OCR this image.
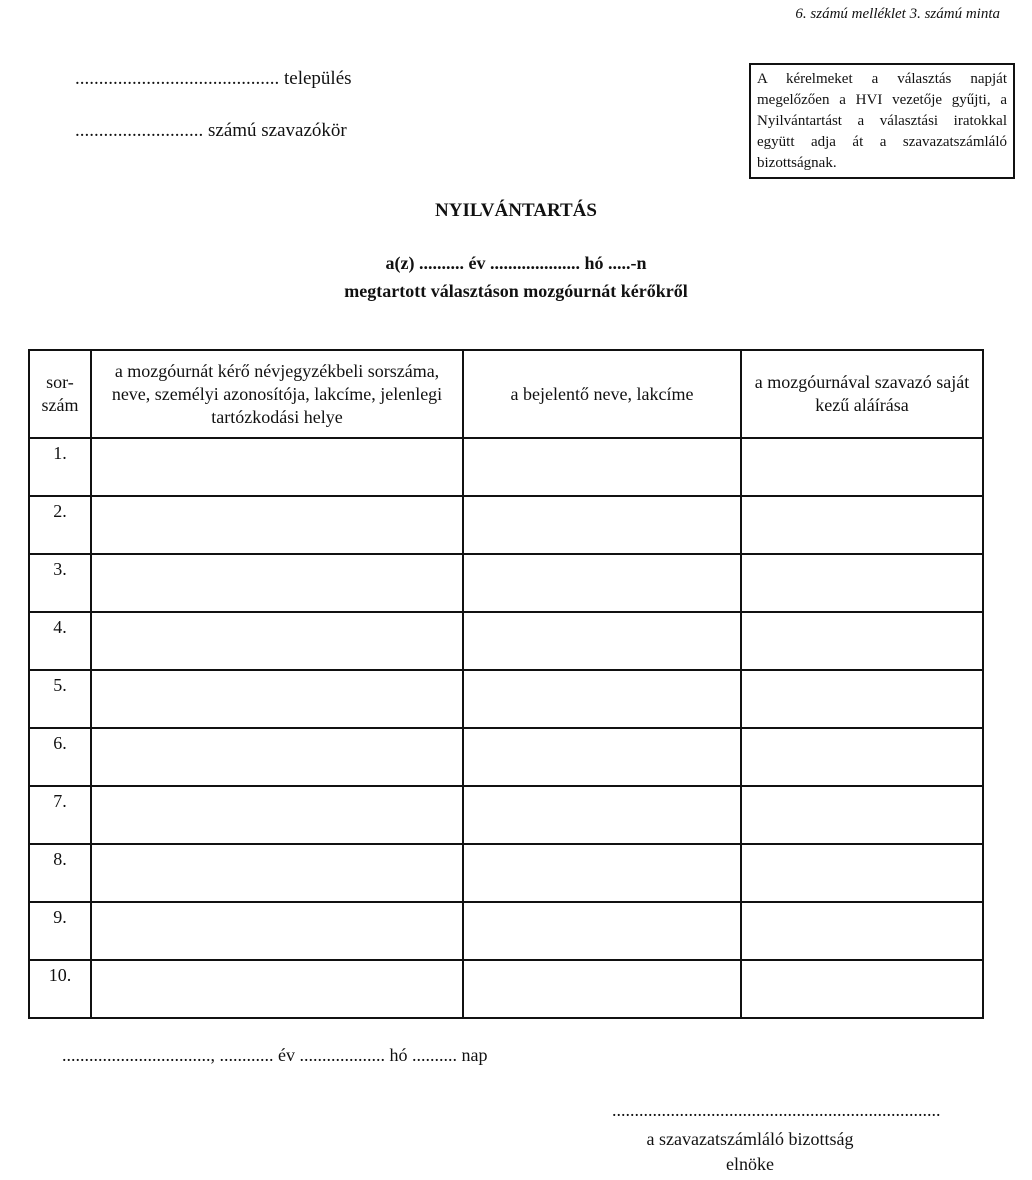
6. számú melléklet 3. számú minta
........................................... település
........................... számú szavazókör
A kérelmeket a választás napját megelőzően a HVI vezetője gyűjti, a Nyilvántartást a választási iratokkal együtt adja át a szavazatszámláló bizottságnak.
NYILVÁNTARTÁS
a(z) .......... év .................... hó .....-n
megtartott választáson mozgóurnát kérőkről
sor-szám	a mozgóurnát kérő névjegyzékbeli sorszáma, neve, személyi azonosítója, lakcíme, jelenlegi tartózkodási helye	a bejelentő neve, lakcíme	a mozgóurnával szavazó saját kezű aláírása
1.			
2.			
3.			
4.			
5.			
6.			
7.			
8.			
9.			
10.			
................................., ............ év ................... hó .......... nap
.........................................................................
a szavazatszámláló bizottság
elnöke
